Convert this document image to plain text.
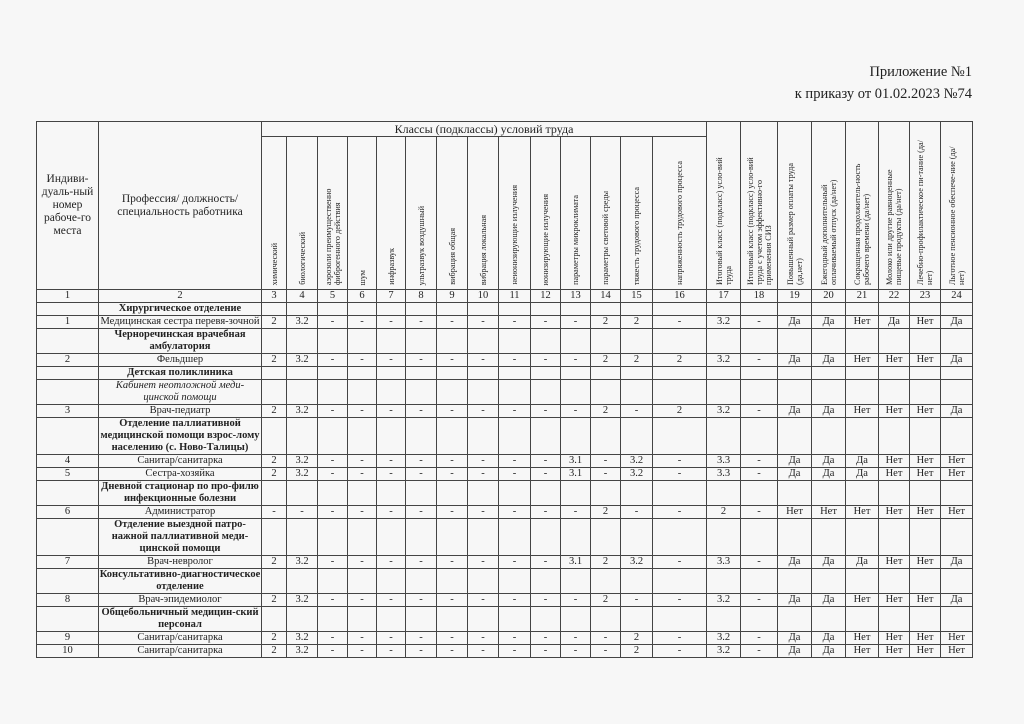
Приложение №1
к приказу от 01.02.2023 №74
Индиви-дуаль-ный номер рабоче-го места	Профессия/ должность/ специальность работника	Классы (подклассы) условий труда														Итоговый класс (подкласс) усло-вий труда	Итоговый класс (подкласс) усло-вий труда с учетом эффективно-го применения СИЗ	Повышенный размер оплаты труда (да,нет)	Ежегодный дополнительный оплачиваемый отпуск (да/нет)	Сокращенная продолжитель-ность рабочего времени (да/нет)	Молоко или другие равноценные пищевые продукты (да/нет)	Лечебно-профилактическое пи-тание (да/нет)	Льготное пенсионное обеспече-ние (да/нет)
		химический	биологический	аэрозоли преимущественно фиброгенного действия	шум	инфразвук	ультразвук воздушный	вибрация общая	вибрация локальная	неионизирующие излучения	ионизирующие излучения	параметры микроклимата	параметры световой среды	тяжесть трудового процесса	напряженность трудового процесса								
1	2	3	4	5	6	7	8	9	10	11	12	13	14	15	16	17	18	19	20	21	22	23	24
	Хирургическое отделение																						
1	Медицинская сестра перевя-зочной	2	3.2	-	-	-	-	-	-	-	-	-	2	2	-	3.2	-	Да	Да	Нет	Да	Нет	Да
	Черноречинская врачебная амбулатория																						
2	Фельдшер	2	3.2	-	-	-	-	-	-	-	-	-	2	2	2	3.2	-	Да	Да	Нет	Нет	Нет	Да
	Детская поликлиника																						
	Кабинет неотложной меди-цинской помощи																						
3	Врач-педиатр	2	3.2	-	-	-	-	-	-	-	-	-	2	-	2	3.2	-	Да	Да	Нет	Нет	Нет	Да
	Отделение паллиативной медицинской помощи взрос-лому населению (с. Ново-Талицы)																						
4	Санитар/санитарка	2	3.2	-	-	-	-	-	-	-	-	3.1	-	3.2	-	3.3	-	Да	Да	Да	Нет	Нет	Нет
5	Сестра-хозяйка	2	3.2	-	-	-	-	-	-	-	-	3.1	-	3.2	-	3.3	-	Да	Да	Да	Нет	Нет	Нет
	Дневной стационар по про-филю инфекционные болезни																						
6	Администратор	-	-	-	-	-	-	-	-	-	-	-	2	-	-	2	-	Нет	Нет	Нет	Нет	Нет	Нет
	Отделение выездной патро-нажной паллиативной меди-цинской помощи																						
7	Врач-невролог	2	3.2	-	-	-	-	-	-	-	-	3.1	2	3.2	-	3.3	-	Да	Да	Да	Нет	Нет	Да
	Консультативно-диагностическое отделение																						
8	Врач-эпидемиолог	2	3.2	-	-	-	-	-	-	-	-	-	2	-	-	3.2	-	Да	Да	Нет	Нет	Нет	Да
	Общебольничный медицин-ский персонал																						
9	Санитар/санитарка	2	3.2	-	-	-	-	-	-	-	-	-	-	2	-	3.2	-	Да	Да	Нет	Нет	Нет	Нет
10	Санитар/санитарка	2	3.2	-	-	-	-	-	-	-	-	-	-	2	-	3.2	-	Да	Да	Нет	Нет	Нет	Нет
